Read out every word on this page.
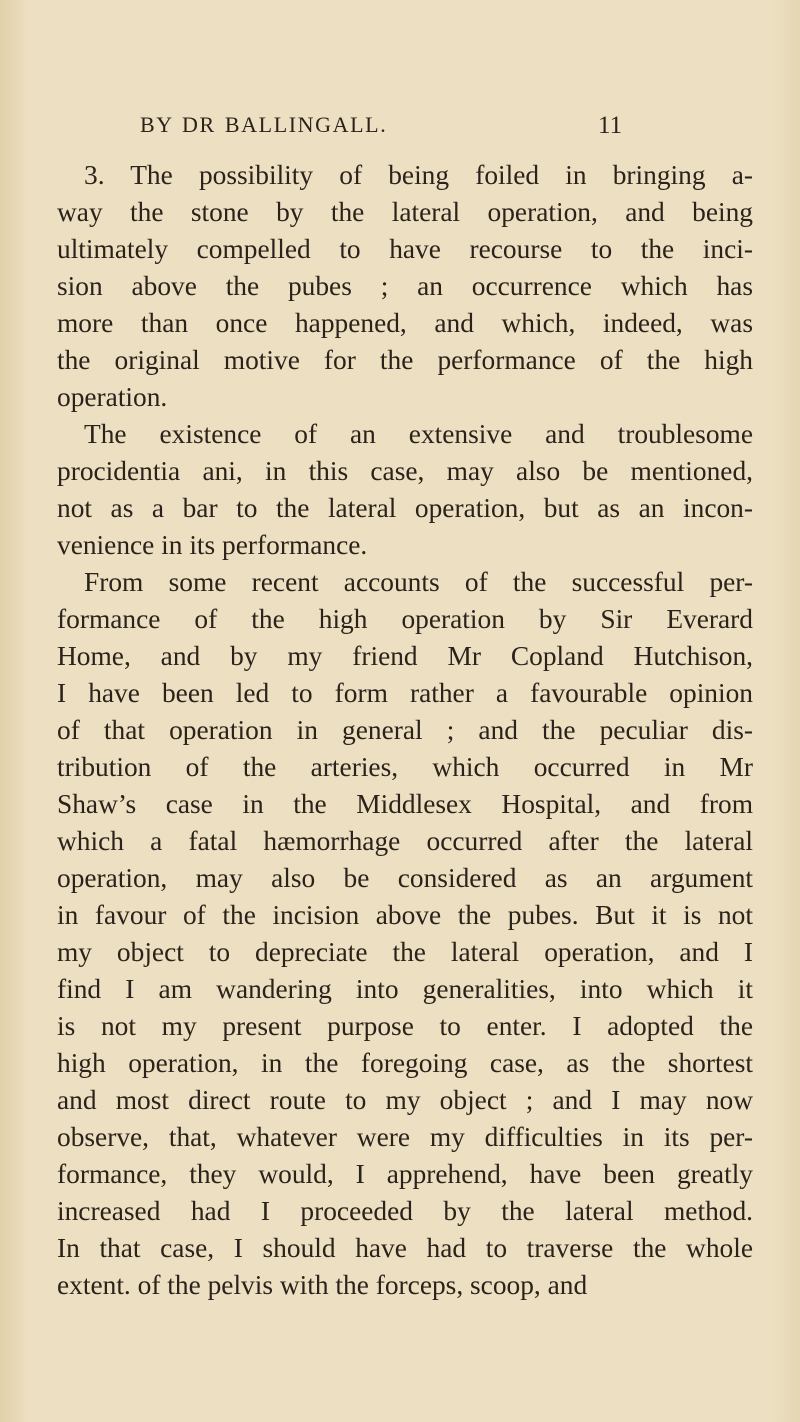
BY DR BALLINGALL.	11
3. The possibility of being foiled in bringing a-
way the stone by the lateral operation, and being
ultimately compelled to have recourse to the inci-
sion above the pubes ; an occurrence which has
more than once happened, and which, indeed, was
the original motive for the performance of the high
operation.
The existence of an extensive and troublesome
procidentia ani, in this case, may also be mentioned,
not as a bar to the lateral operation, but as an incon-
venience in its performance.
From some recent accounts of the successful per-
formance of the high operation by Sir Everard
Home, and by my friend Mr Copland Hutchison,
I have been led to form rather a favourable opinion
of that operation in general ; and the peculiar dis-
tribution of the arteries, which occurred in Mr
Shaw’s case in the Middlesex Hospital, and from
which a fatal hæmorrhage occurred after the lateral
operation, may also be considered as an argument
in favour of the incision above the pubes. But it is not
my object to depreciate the lateral operation, and I
find I am wandering into generalities, into which it
is not my present purpose to enter. I adopted the
high operation, in the foregoing case, as the shortest
and most direct route to my object ; and I may now
observe, that, whatever were my difficulties in its per-
formance, they would, I apprehend, have been greatly
increased had I proceeded by the lateral method.
In that case, I should have had to traverse the whole
extent. of the pelvis with the forceps, scoop, and
